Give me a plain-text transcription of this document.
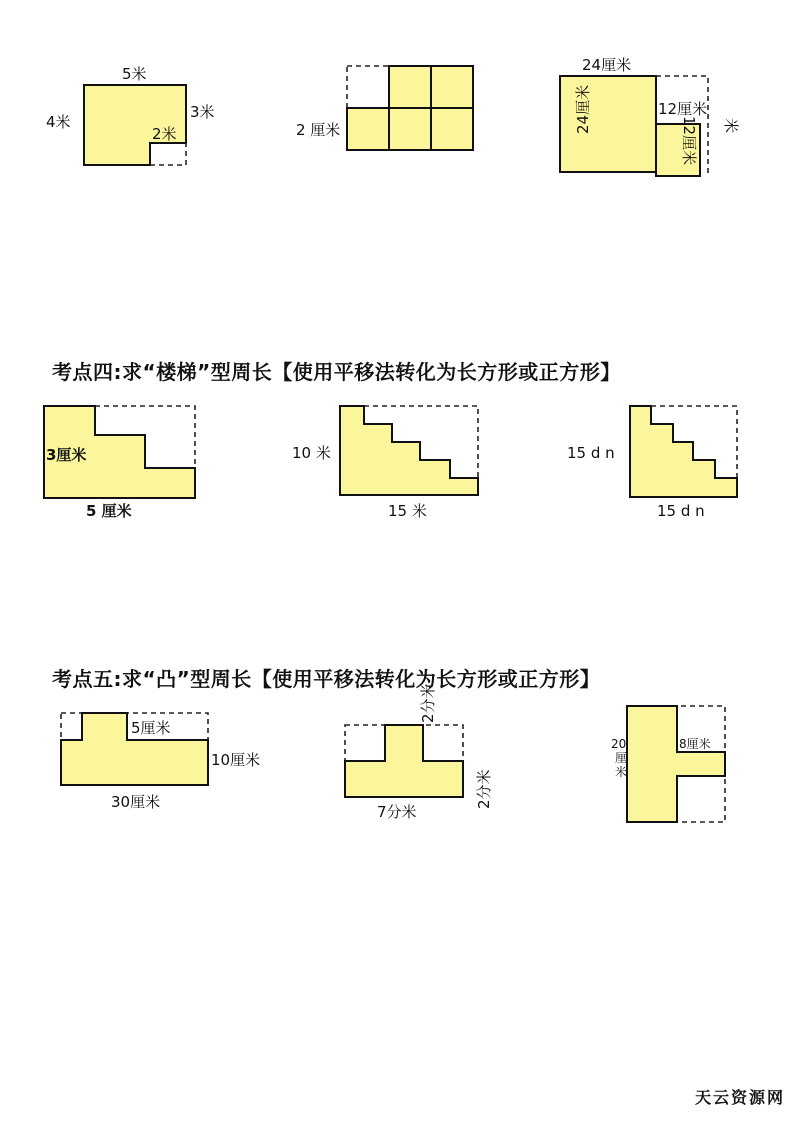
5米
4米
3米
2米	2 厘米
24厘米
24厘米	12厘米
米
12厘米
考点四:求“楼梯”型周长【使用平移法转化为长方形或正方形】
3厘米
5 厘米
10 米
15 米
15 d n
15 d n
考点五:求“凸”型周长【使用平移法转化为长方形或正方形】
5厘米
10厘米
30厘米
2分米
2分米
7分米
20
厘米
8厘米
天云资源网
